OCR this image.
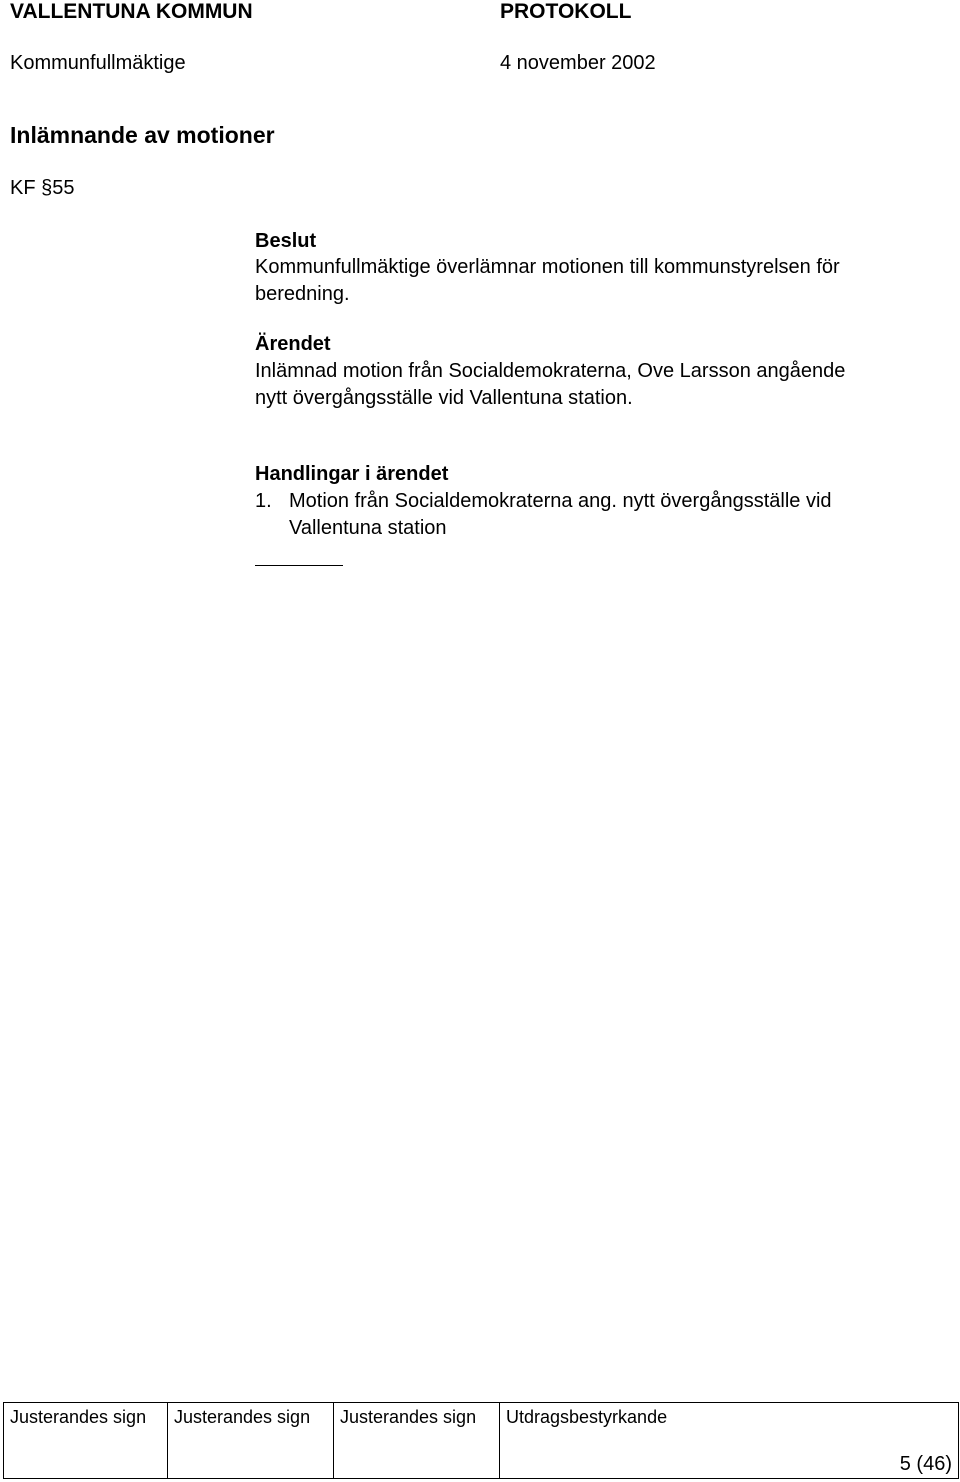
VALLENTUNA KOMMUN	PROTOKOLL
Kommunfullmäktige	4 november 2002
Inlämnande av motioner
KF §55
Beslut
Kommunfullmäktige överlämnar motionen till kommunstyrelsen för
beredning.
Ärendet
Inlämnad motion från Socialdemokraterna, Ove Larsson angående
nytt övergångsställe vid Vallentuna station.
Handlingar i ärendet
1. Motion från Socialdemokraterna ang. nytt övergångsställe vid
Vallentuna station
Justerandes sign	Justerandes sign	Justerandes sign	Utdragsbestyrkande
5 (46)
